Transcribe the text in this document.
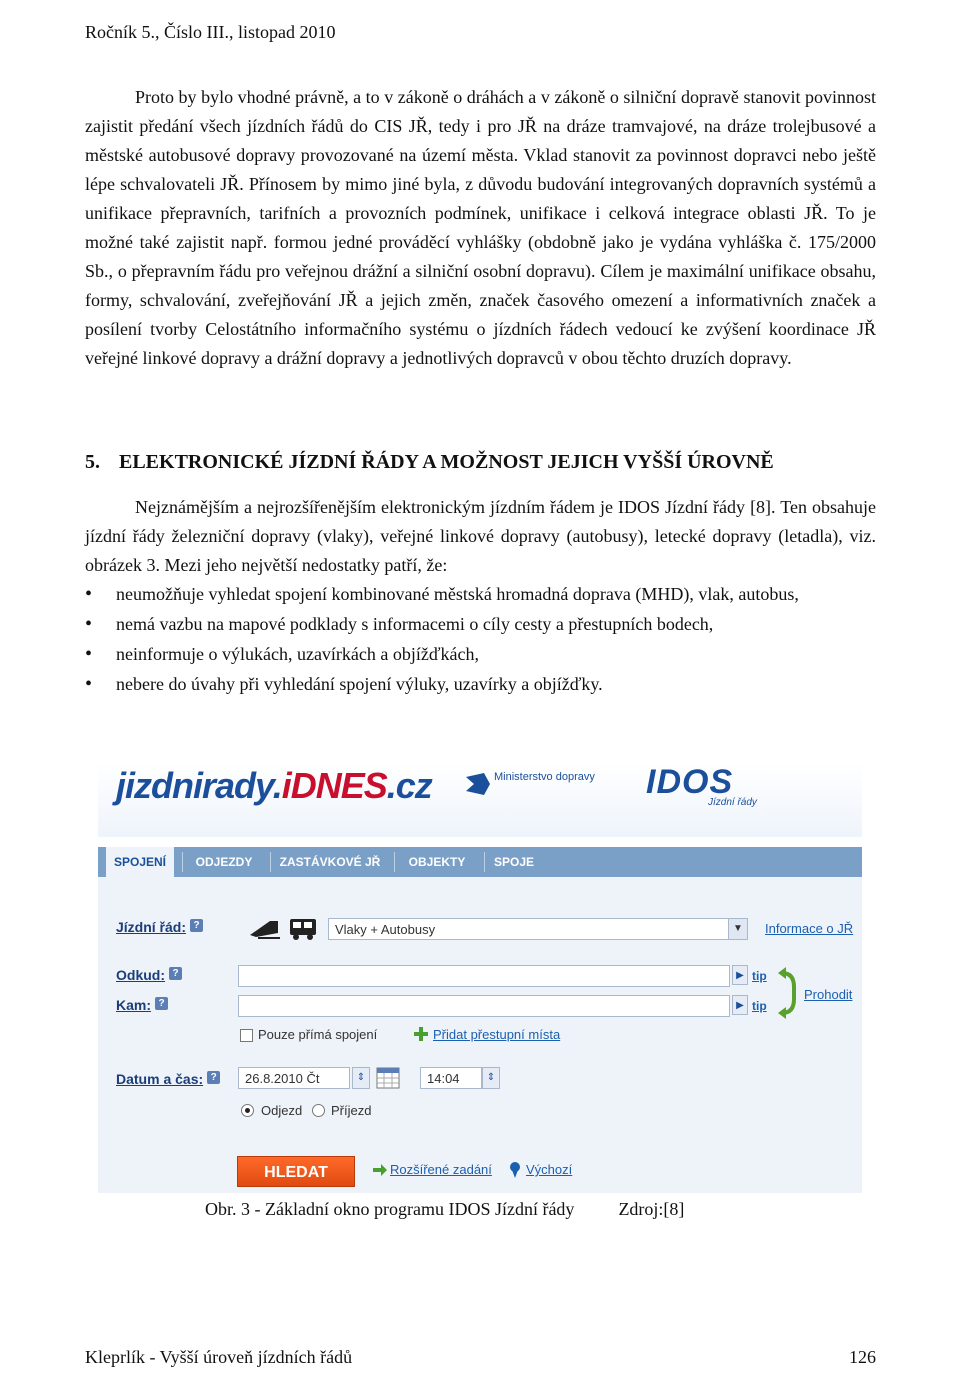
Ročník 5., Číslo III., listopad 2010

Proto by bylo vhodné právně, a to v zákoně o dráhách a v zákoně o silniční dopravě stanovit povinnost zajistit předání všech jízdních řádů do CIS JŘ, tedy i pro JŘ na dráze tramvajové, na dráze trolejbusové a městské autobusové dopravy provozované na území města. Vklad stanovit za povinnost dopravci nebo ještě lépe schvalovateli JŘ. Přínosem by mimo jiné byla, z důvodu budování integrovaných dopravních systémů a unifikace přepravních, tarifních a provozních podmínek, unifikace i celková integrace oblasti JŘ. To je možné také zajistit např. formou jedné prováděcí vyhlášky (obdobně jako je vydána vyhláška č. 175/2000 Sb., o přepravním řádu pro veřejnou drážní a silniční osobní dopravu). Cílem je maximální unifikace obsahu, formy, schvalování, zveřejňování JŘ a jejich změn, značek časového omezení a informativních značek a posílení tvorby Celostátního informačního systému o jízdních řádech vedoucí ke zvýšení koordinace JŘ veřejné linkové dopravy a drážní dopravy a jednotlivých dopravců v obou těchto druzích dopravy.

5. ELEKTRONICKÉ JÍZDNÍ ŘÁDY A MOŽNOST JEJICH VYŠŠÍ ÚROVNĚ

Nejznámějším a nejrozšířenějším elektronickým jízdním řádem je IDOS Jízdní řády [8]. Ten obsahuje jízdní řády železniční dopravy (vlaky), veřejné linkové dopravy (autobusy), letecké dopravy (letadla), viz. obrázek 3. Mezi jeho největší nedostatky patří, že:

• neumožňuje vyhledat spojení kombinované městská hromadná doprava (MHD), vlak, autobus,
• nemá vazbu na mapové podklady s informacemi o cíly cesty a přestupních bodech,
• neinformuje o výlukách, uzavírkách a objížďkách,
• nebere do úvahy při vyhledání spojení výluky, uzavírky a objížďky.
jizdnirady.iDNES.cz	Ministerstvo dopravy IDOS
Jízdní řády
SPOJENÍ	ODJEZDY	ZASTÁVKOVÉ JŘ	OBJEKTY	SPOJE
Jízdní řád: ?	Vlaky + Autobusy	▼	Informace o JŘ
Odkud: ?	▶ tip
Kam: ?	▶ tip
Prohodit
Pouze přímá spojení	Přidat přestupní místa
Datum a čas: ?	26.8.2010 Čt	⇕	14:04	⇕
Odjezd Příjezd
Rozšířené zadání	Výchozí
HLEDAT
Obr. 3 - Základní okno programu IDOS Jízdní řády Zdroj:[8]
Kleprlík - Vyšší úroveň jízdních řádů	126
